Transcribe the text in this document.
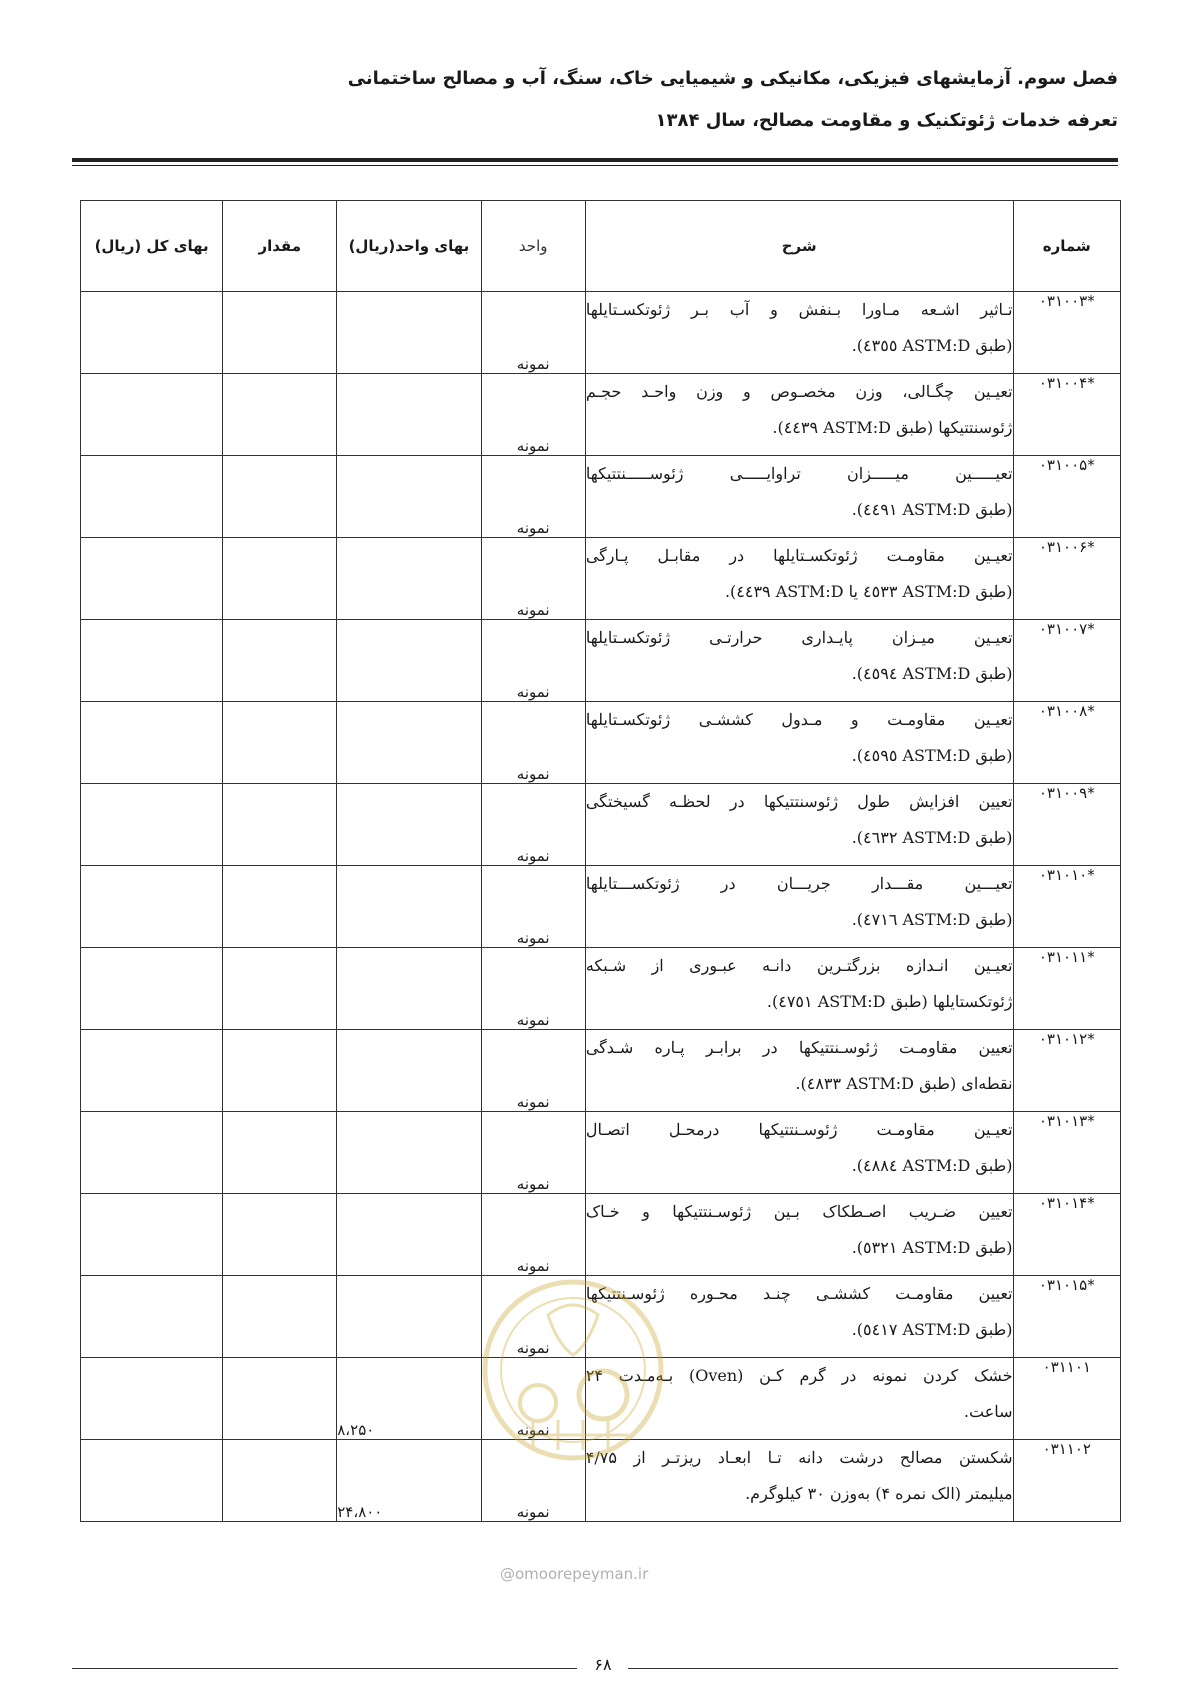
فصل سوم. آزمایشهای فیزیکی، مکانیکی و شیمیایی خاک، سنگ، آب و مصالح ساختمانی
تعرفه خدمات ژئوتکنیک و مقاومت مصالح، سال ۱۳۸۴
شماره	شرح	واحد	بهای واحد(ریال)	مقدار	بهای کل (ریال)
*۰۳۱۰۰۳	تـاثیر اشـعه مـاورا بـنفش و آب بـر ژئوتکسـتایلها
(طبق ASTM:D ٤٣٥٥).	نمونه			
*۰۳۱۰۰۴	تعیـین چگـالی، وزن مخصـوص و وزن واحـد حجـم
ژئوسنتتیکها (طبق ASTM:D ٤٤٣٩).	نمونه			
*۰۳۱۰۰۵	تعیـــــین میـــــزان تراوایـــــی ژئوســـــنتتیکها
(طبق ASTM:D ٤٤٩١).	نمونه			
*۰۳۱۰۰۶	تعیـین مقاومـت ژئوتکسـتایلها در مقابـل پـارگی
(طبق ASTM:D ٤٥٣٣ یا ASTM:D ٤٤٣٩).	نمونه			
*۰۳۱۰۰۷	تعیـین میـزان پایـداری حرارتـی ژئوتکسـتایلها
(طبق ASTM:D ٤٥٩٤).	نمونه			
*۰۳۱۰۰۸	تعیـین مقاومـت و مـدول کششـی ژئوتکسـتایلها
(طبق ASTM:D ٤٥٩٥).	نمونه			
*۰۳۱۰۰۹	تعیین افزایش طول ژئوسنتتیکها در لحظـه گسیختگی
(طبق ASTM:D ٤٦٣٢).	نمونه			
*۰۳۱۰۱۰	تعیـــین مقـــدار جریـــان در ژئوتکســـتایلها
(طبق ASTM:D ٤٧١٦).	نمونه			
*۰۳۱۰۱۱	تعیـین انـدازه بزرگتـرین دانـه عبـوری از شـبکه
ژئوتکستایلها (طبق ASTM:D ٤٧٥١).	نمونه			
*۰۳۱۰۱۲	تعیین مقاومـت ژئوسـنتتیکها در برابـر پـاره شـدگی
نقطه‌ای (طبق ASTM:D ٤٨٣٣).	نمونه			
*۰۳۱۰۱۳	تعیـین مقاومـت ژئوسـنتتیکها درمحـل اتصـال
(طبق ASTM:D ٤٨٨٤).	نمونه			
*۰۳۱۰۱۴	تعیین ضـریب اصـطکاک بـین ژئوسـنتتیکها و خـاک
(طبق ASTM:D ٥٣٢١).	نمونه			
*۰۳۱۰۱۵	تعیین مقاومـت کششـی چنـد محـوره ژئوسـنتتیکها
(طبق ASTM:D ٥٤١٧).	نمونه			
۰۳۱۱۰۱	خشک کردن نمونه در گرم کـن (Oven) بـه‌مـدت ۲۴
ساعت.	نمونه	۸،۲۵۰		
۰۳۱۱۰۲	شکستن مصالح درشت دانه تـا ابعـاد ریزتـر از ۴/۷۵
میلیمتر (الک نمره ۴) به‌وزن ۳۰ کیلوگرم.	نمونه	۲۴،۸۰۰		
@omoorepeyman.ir
۶۸
